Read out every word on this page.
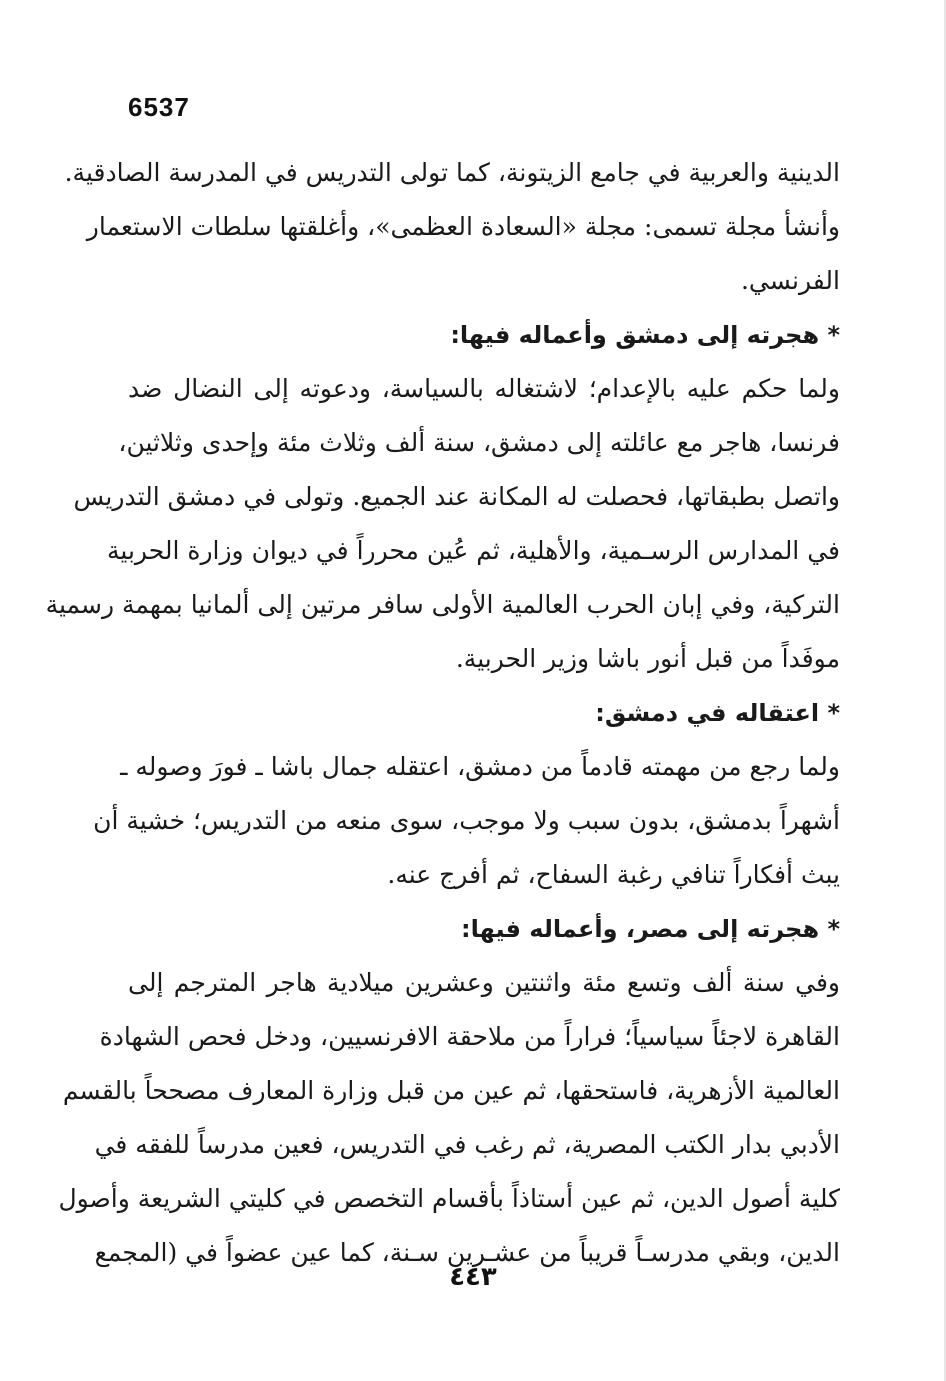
6537
الدينية والعربية في جامع الزيتونة، كما تولى التدريس في المدرسة الصادقية.
وأنشأ مجلة تسمى: مجلة «السعادة العظمى»، وأغلقتها سلطات الاستعمار
الفرنسي.
* هجرته إلى دمشق وأعماله فيها:
ولما حكم عليه بالإعدام؛ لاشتغاله بالسياسة، ودعوته إلى النضال ضد
فرنسا، هاجر مع عائلته إلى دمشق، سنة ألف وثلاث مئة وإحدى وثلاثين،
واتصل بطبقاتها، فحصلت له المكانة عند الجميع. وتولى في دمشق التدريس
في المدارس الرسـمية، والأهلية، ثم عُين محرراً في ديوان وزارة الحربية
التركية، وفي إبان الحرب العالمية الأولى سافر مرتين إلى ألمانيا بمهمة رسمية
موفَداً من قبل أنور باشا وزير الحربية.
* اعتقاله في دمشق:
ولما رجع من مهمته قادماً من دمشق، اعتقله جمال باشا ـ فورَ وصوله ـ
أشهراً بدمشق، بدون سبب ولا موجب، سوى منعه من التدريس؛ خشية أن
يبث أفكاراً تنافي رغبة السفاح، ثم أفرج عنه.
* هجرته إلى مصر، وأعماله فيها:
وفي سنة ألف وتسع مئة واثنتين وعشرين ميلادية هاجر المترجم إلى
القاهرة لاجئاً سياسياً؛ فراراً من ملاحقة الافرنسيين، ودخل فحص الشهادة
العالمية الأزهرية، فاستحقها، ثم عين من قبل وزارة المعارف مصححاً بالقسم
الأدبي بدار الكتب المصرية، ثم رغب في التدريس، فعين مدرساً للفقه في
كلية أصول الدين، ثم عين أستاذاً بأقسام التخصص في كليتي الشريعة وأصول
الدين، وبقي مدرسـاً قريباً من عشـرين سـنة، كما عين عضواً في (المجمع
٤٤٣
